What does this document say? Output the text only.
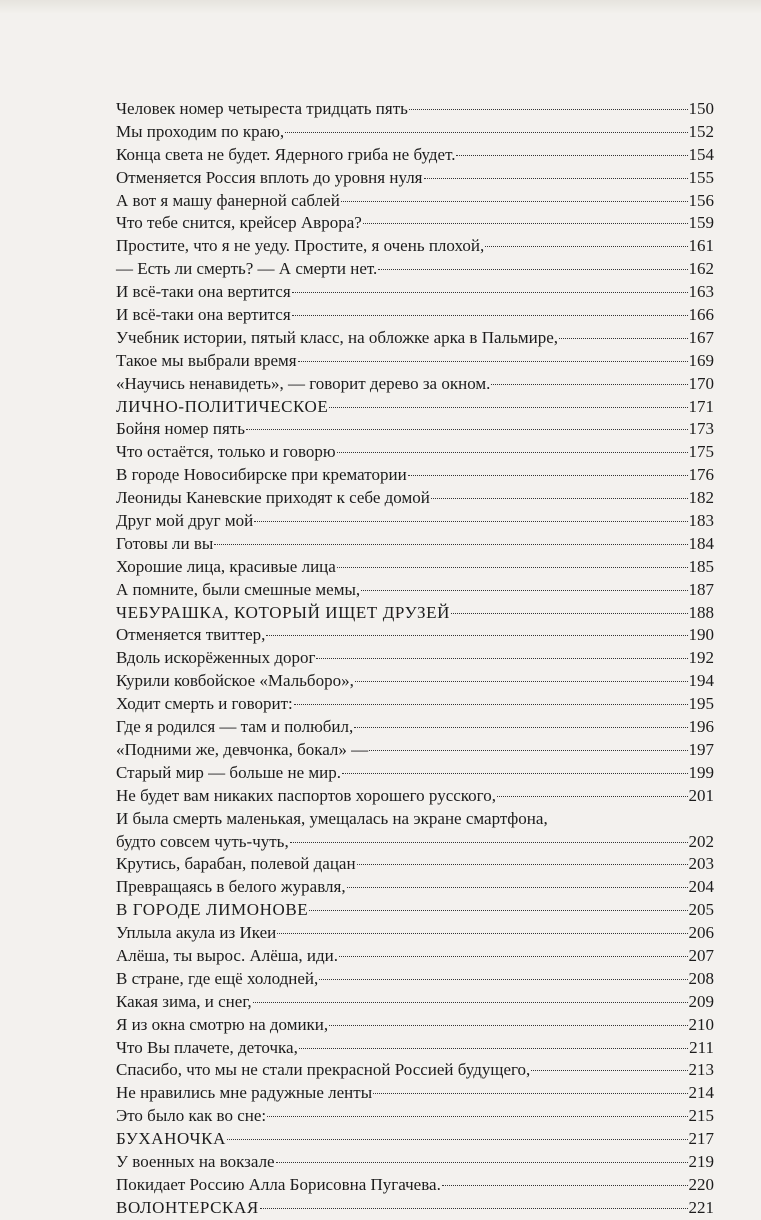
Человек номер четыреста тридцать пять	150
Мы проходим по краю,	152
Конца света не будет. Ядерного гриба не будет.	154
Отменяется Россия вплоть до уровня нуля	155
А вот я машу фанерной саблей	156
Что тебе снится, крейсер Аврора?	159
Простите, что я не уеду. Простите, я очень плохой,	161
— Есть ли смерть? — А смерти нет.	162
И всё-таки она вертится	163
И всё-таки она вертится	166
Учебник истории, пятый класс, на обложке арка в Пальмире,	167
Такое мы выбрали время	169
«Научись ненавидеть», — говорит дерево за окном.	170
ЛИЧНО-ПОЛИТИЧЕСКОЕ	171
Бойня номер пять	173
Что остаётся, только и говорю	175
В городе Новосибирске при крематории	176
Леониды Каневские приходят к себе домой	182
Друг мой друг мой	183
Готовы ли вы	184
Хорошие лица, красивые лица	185
А помните, были смешные мемы,	187
ЧЕБУРАШКА, КОТОРЫЙ ИЩЕТ ДРУЗЕЙ	188
Отменяется твиттер,	190
Вдоль искорёженных дорог	192
Курили ковбойское «Мальборо»,	194
Ходит смерть и говорит:	195
Где я родился — там и полюбил,	196
«Подними же, девчонка, бокал» —	197
Старый мир — больше не мир.	199
Не будет вам никаких паспортов хорошего русского,	201
И была смерть маленькая, умещалась на экране смартфона,
будто совсем чуть-чуть,	202
Крутись, барабан, полевой дацан	203
Превращаясь в белого журавля,	204
В ГОРОДЕ ЛИМОНОВЕ	205
Уплыла акула из Икеи	206
Алёша, ты вырос. Алёша, иди.	207
В стране, где ещё холодней,	208
Какая зима, и снег,	209
Я из окна смотрю на домики,	210
Что Вы плачете, деточка,	211
Спасибо, что мы не стали прекрасной Россией будущего,	213
Не нравились мне радужные ленты	214
Это было как во сне:	215
БУХАНОЧКА	217
У военных на вокзале	219
Покидает Россию Алла Борисовна Пугачева.	220
ВОЛОНТЕРСКАЯ	221
